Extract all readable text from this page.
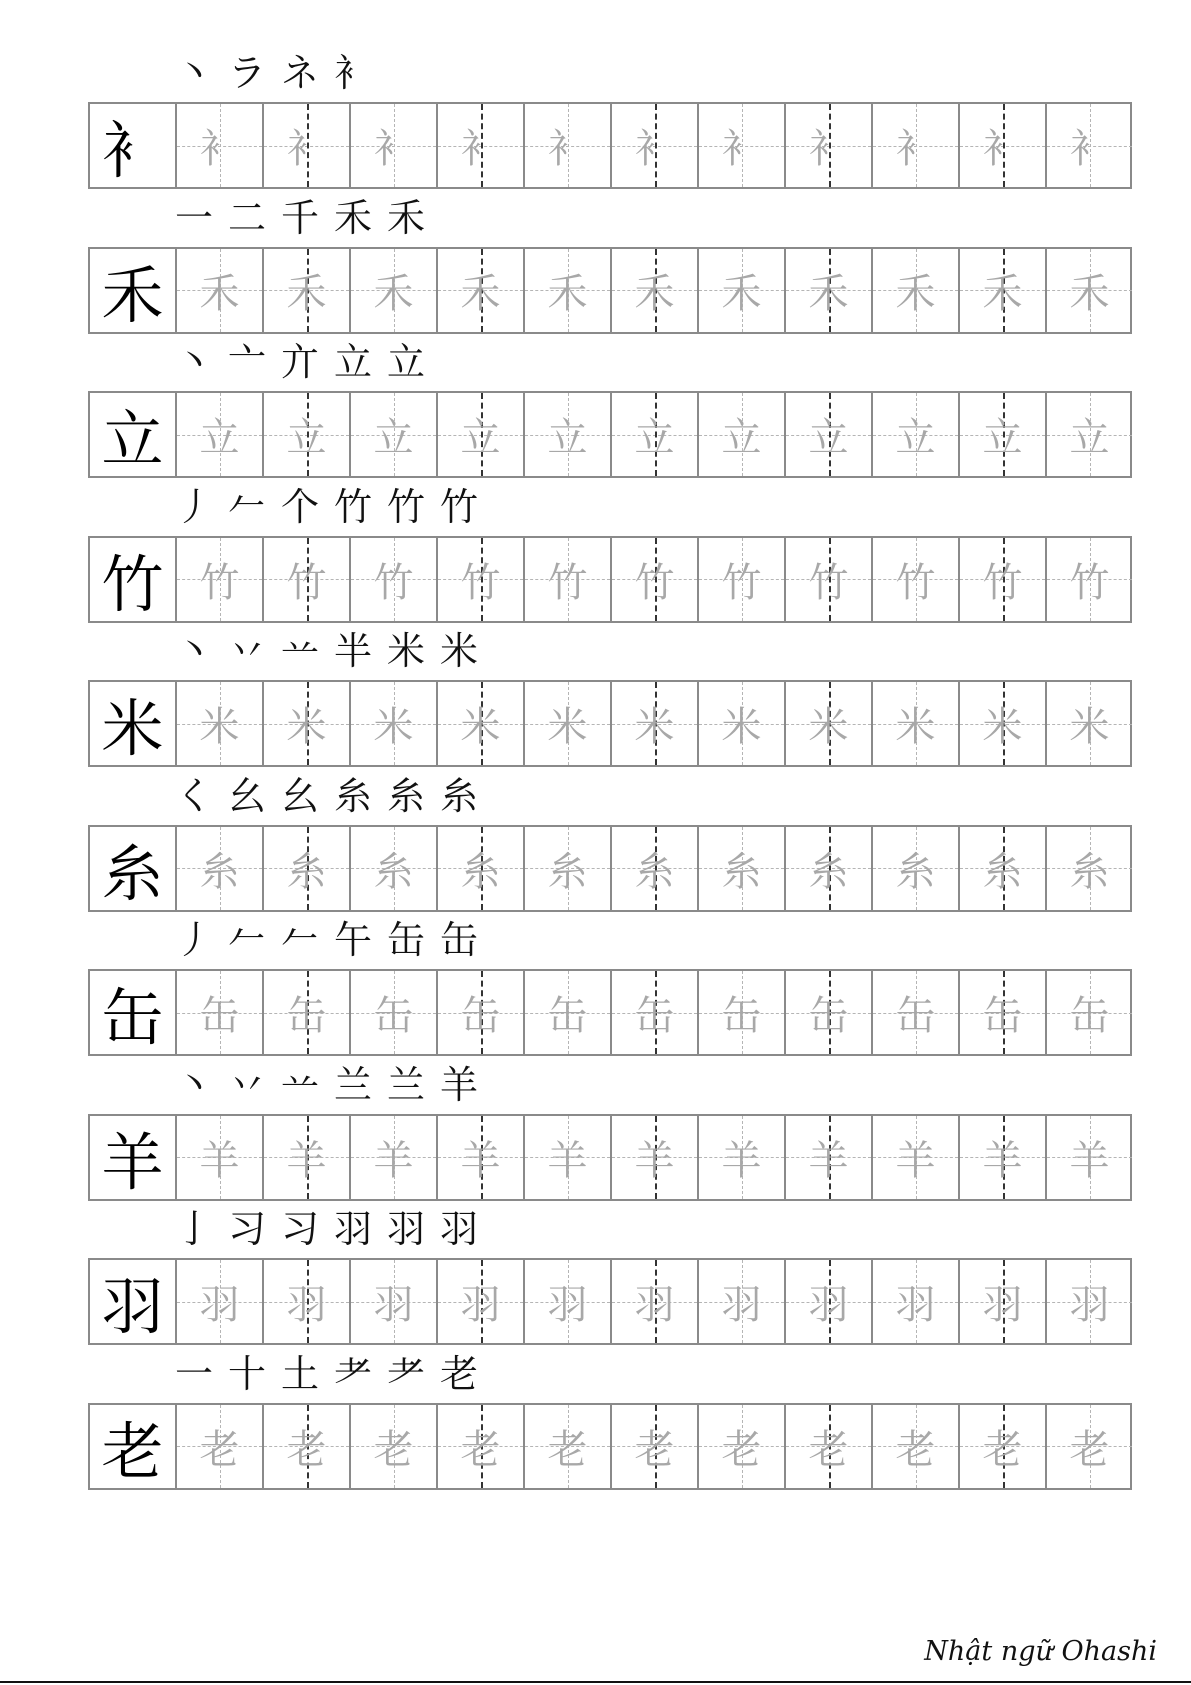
丶 ラ ネ 衤
衤 衤	衤	衤	衤	衤	衤	衤	衤	衤	衤	衤
一 二 千 禾 禾
禾 禾	禾	禾	禾	禾	禾	禾	禾	禾	禾	禾
丶 亠 亣 立 立
立 立	立	立	立	立	立	立	立	立	立	立
丿 𠂉 个 竹 竹 竹
竹 竹	竹	竹	竹	竹	竹	竹	竹	竹	竹	竹
丶 丷 䒑 半 米 米
米 米	米	米	米	米	米	米	米	米	米	米
く 幺 幺 糸 糸 糸
糸 糸	糸	糸	糸	糸	糸	糸	糸	糸	糸	糸
丿 𠂉 𠂉 午 缶 缶
缶 缶	缶	缶	缶	缶	缶	缶	缶	缶	缶	缶
丶 丷 䒑 兰 兰 羊
羊 羊	羊	羊	羊	羊	羊	羊	羊	羊	羊	羊
亅 习 习 羽 羽 羽
羽 羽	羽	羽	羽	羽	羽	羽	羽	羽	羽	羽
一 十 土 耂 耂 老
老 老	老	老	老	老	老	老	老	老	老	老
Nhật ngữ Ohashi
